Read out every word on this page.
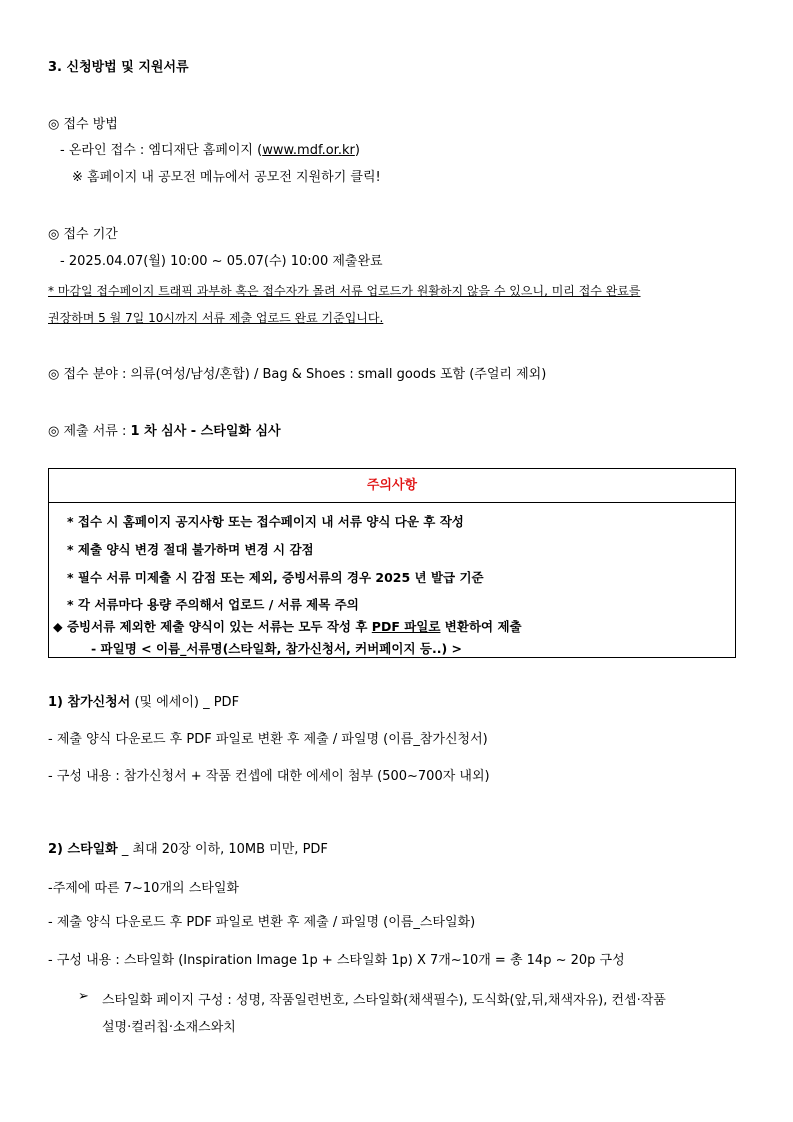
3. 신청방법 및 지원서류
◎ 접수 방법
- 온라인 접수 : 엠디재단 홈페이지 (www.mdf.or.kr)
※ 홈페이지 내 공모전 메뉴에서 공모전 지원하기 클릭!
◎ 접수 기간
- 2025.04.07(월) 10:00 ~ 05.07(수) 10:00 제출완료
* 마감일 접수페이지 트래픽 과부하 혹은 접수자가 몰려 서류 업로드가 원활하지 않을 수 있으니, 미리 접수 완료를
권장하며 5 월 7일 10시까지 서류 제출 업로드 완료 기준입니다.
◎ 접수 분야 : 의류(여성/남성/혼합) / Bag & Shoes : small goods 포함 (주얼리 제외)
◎ 제출 서류 : 1 차 심사 - 스타일화 심사
주의사항
* 접수 시 홈페이지 공지사항 또는 접수페이지 내 서류 양식 다운 후 작성
* 제출 양식 변경 절대 불가하며 변경 시 감점
* 필수 서류 미제출 시 감점 또는 제외, 증빙서류의 경우 2025 년 발급 기준
* 각 서류마다 용량 주의해서 업로드 / 서류 제목 주의
◆ 증빙서류 제외한 제출 양식이 있는 서류는 모두 작성 후 PDF 파일로 변환하여 제출
- 파일명 < 이름_서류명(스타일화, 참가신청서, 커버페이지 등..) >
1) 참가신청서 (및 에세이) _ PDF
- 제출 양식 다운로드 후 PDF 파일로 변환 후 제출 / 파일명 (이름_참가신청서)
- 구성 내용 : 참가신청서 + 작품 컨셉에 대한 에세이 첨부 (500~700자 내외)
2) 스타일화 _ 최대 20장 이하, 10MB 미만, PDF
-주제에 따른 7~10개의 스타일화
- 제출 양식 다운로드 후 PDF 파일로 변환 후 제출 / 파일명 (이름_스타일화)
- 구성 내용 : 스타일화 (Inspiration Image 1p + 스타일화 1p) X 7개~10개 = 총 14p ~ 20p 구성
➢ 스타일화 페이지 구성 : 성명, 작품일련번호, 스타일화(채색필수), 도식화(앞,뒤,채색자유), 컨셉·작품
설명·컬러칩·소재스와치
